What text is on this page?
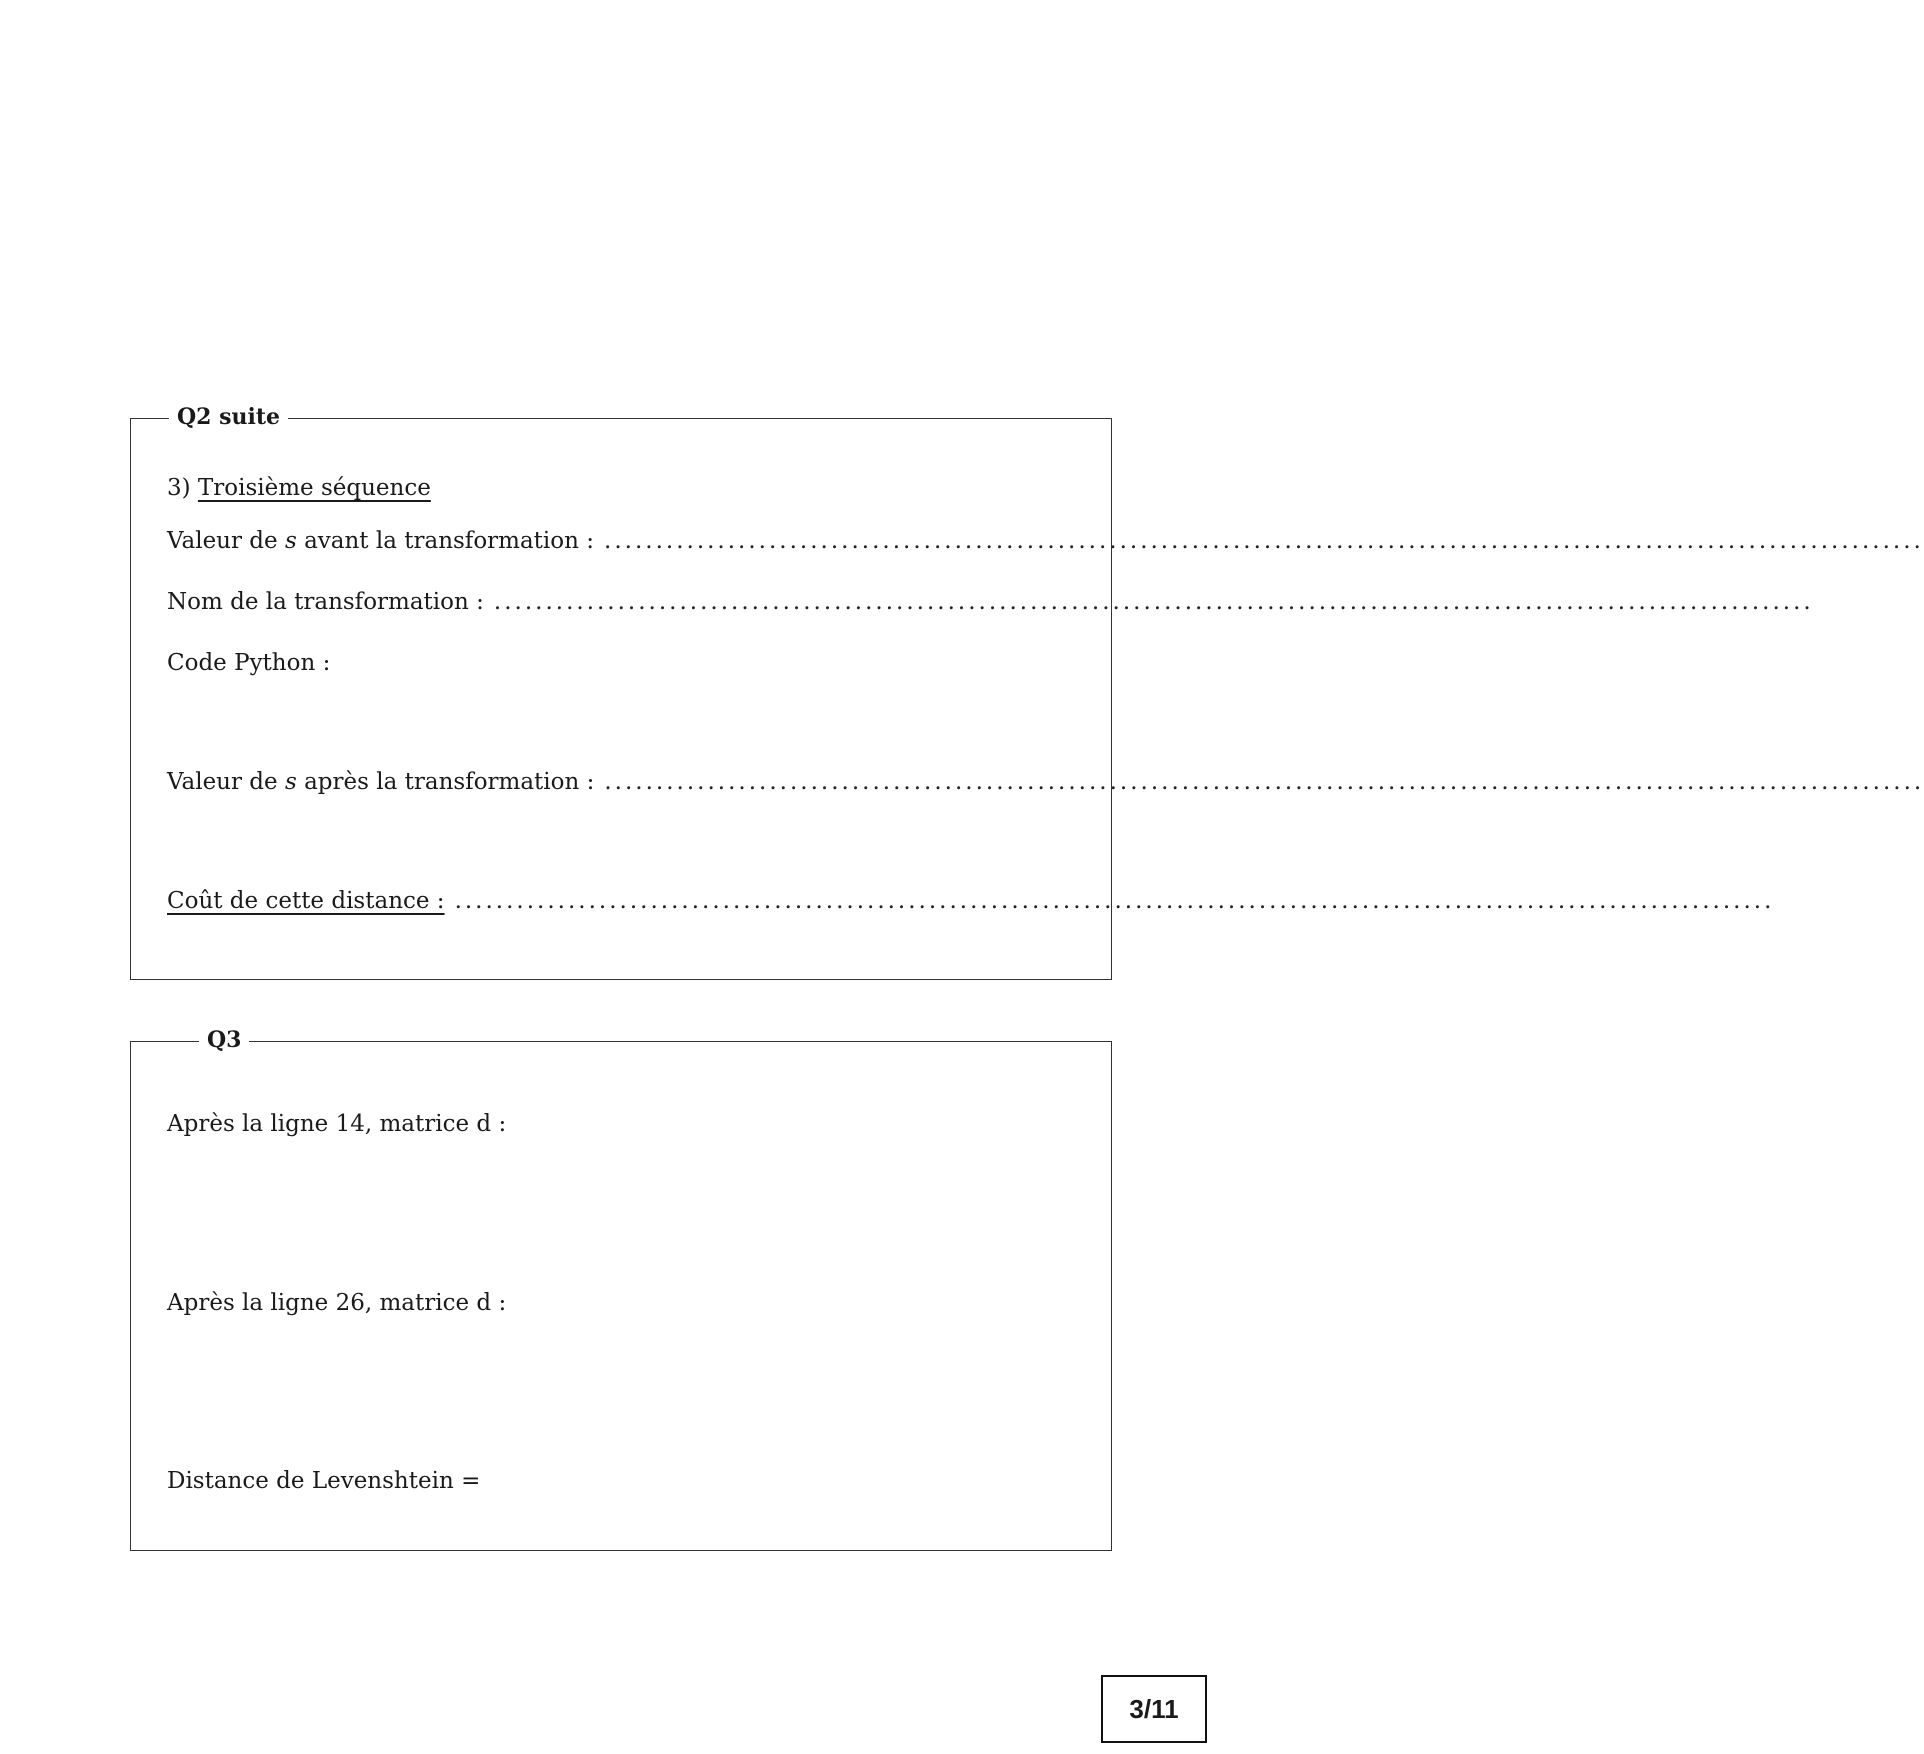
Q2 suite
3)
Troisième séquence
Valeur de s avant la transformation : ................................................................................................................................
Nom de la transformation : ................................................................................................................................
Code Python :
Valeur de s après la transformation : ................................................................................................................................
Coût de cette distance : ................................................................................................................................
Q3
Après la ligne 14, matrice d :
Après la ligne 26, matrice d :
Distance de Levenshtein =
3/11
